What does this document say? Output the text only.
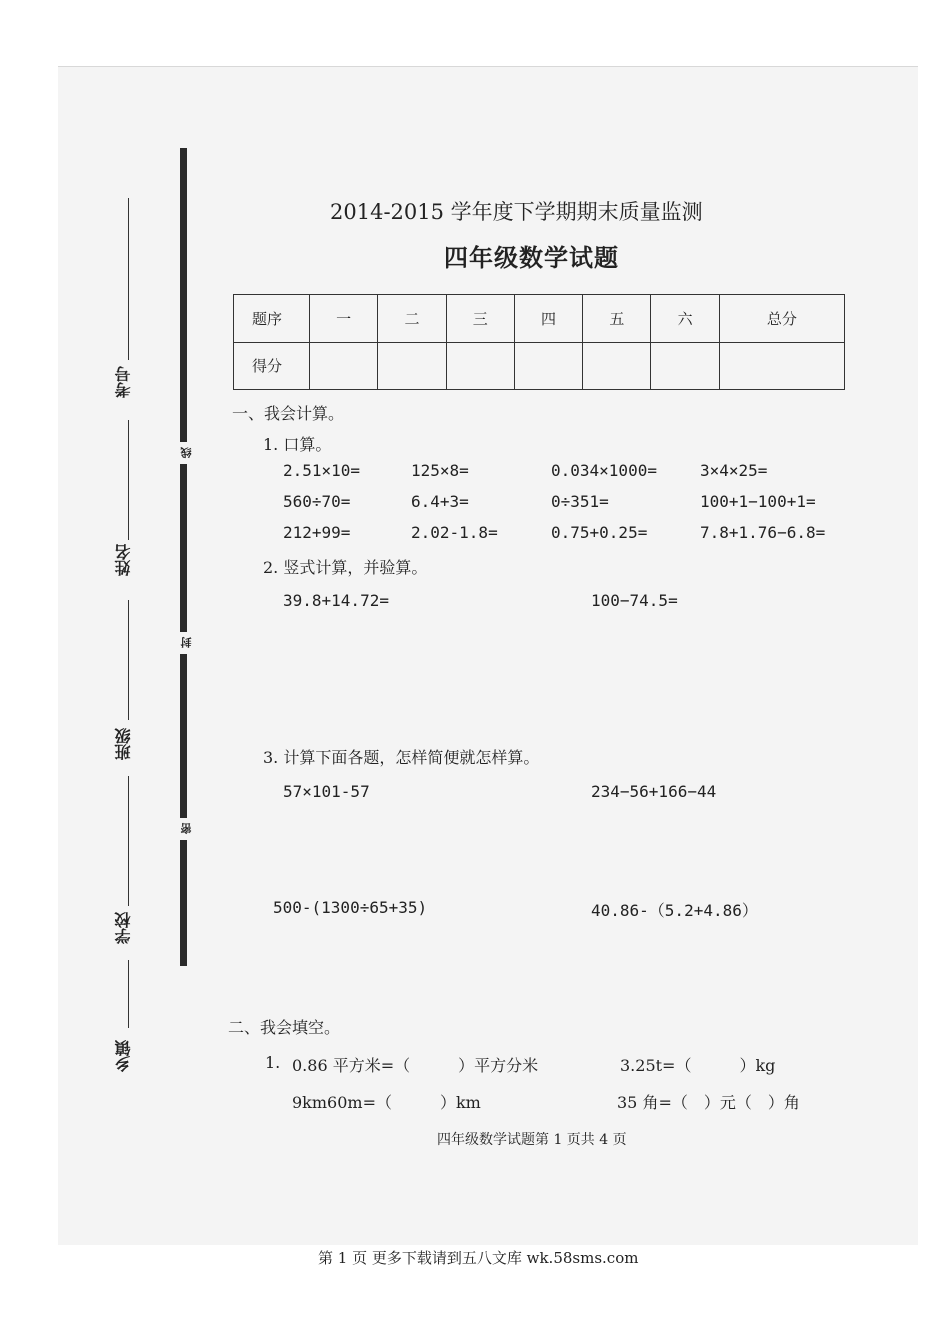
线
封
密
考号
姓名
班级
学校
乡镇
2014-2015 学年度下学期期末质量监测
四年级数学试题
题序	一	二	三	四	五	六	总分
得分							
一、我会计算。
1. 口算。
2.51×10=	125×8=	0.034×1000=	3×4×25=
560÷70=	6.4+3=	0÷351=	100+1−100+1=
212+99=	2.02-1.8=	0.75+0.25=	7.8+1.76−6.8=
2. 竖式计算，并验算。
39.8+14.72=	100−74.5=
3. 计算下面各题，怎样简便就怎样算。
57×101-57	234−56+166−44
500-(1300÷65+35)	40.86-（5.2+4.86）
二、我会填空。
1. 0.86 平方米=（　　　）平方分米	3.25t=（　　　）kg
9km60m=（　　　）km	35 角=（　）元（　）角
四年级数学试题第 1 页共 4 页
第 1 页 更多下载请到五八文库 wk.58sms.com
